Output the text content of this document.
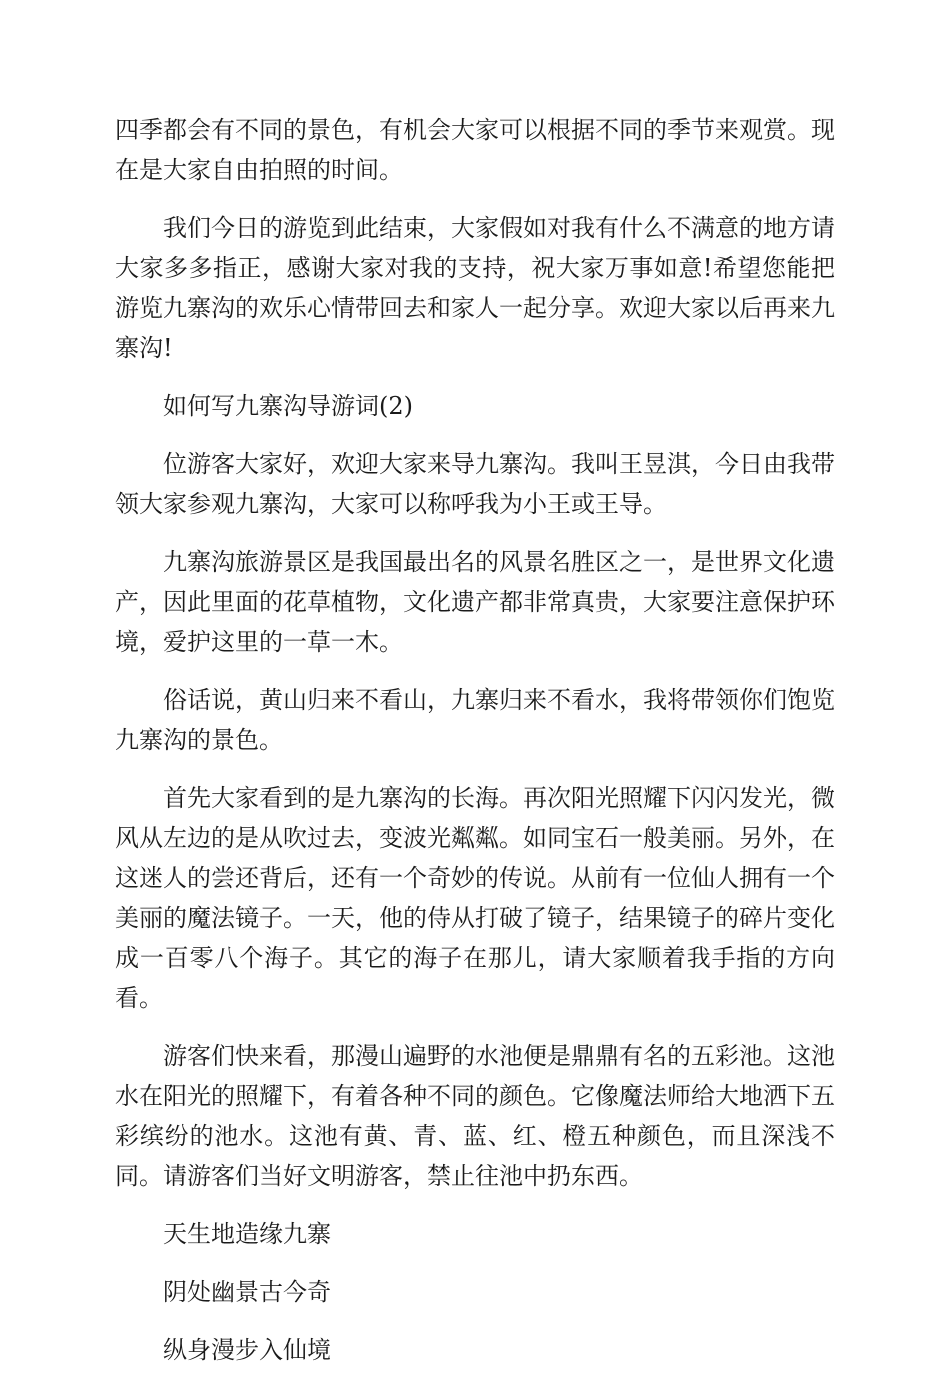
四季都会有不同的景色，有机会大家可以根据不同的季节来观赏。现在是大家自由拍照的时间。

我们今日的游览到此结束，大家假如对我有什么不满意的地方请大家多多指正，感谢大家对我的支持，祝大家万事如意!希望您能把游览九寨沟的欢乐心情带回去和家人一起分享。欢迎大家以后再来九寨沟!

如何写九寨沟导游词(2)

位游客大家好，欢迎大家来导九寨沟。我叫王昱淇，今日由我带领大家参观九寨沟，大家可以称呼我为小王或王导。

九寨沟旅游景区是我国最出名的风景名胜区之一，是世界文化遗产，因此里面的花草植物，文化遗产都非常真贵，大家要注意保护环境，爱护这里的一草一木。

俗话说，黄山归来不看山，九寨归来不看水，我将带领你们饱览九寨沟的景色。

首先大家看到的是九寨沟的长海。再次阳光照耀下闪闪发光，微风从左边的是从吹过去，变波光粼粼。如同宝石一般美丽。另外，在这迷人的尝还背后，还有一个奇妙的传说。从前有一位仙人拥有一个美丽的魔法镜子。一天，他的侍从打破了镜子，结果镜子的碎片变化成一百零八个海子。其它的海子在那儿，请大家顺着我手指的方向看。

游客们快来看，那漫山遍野的水池便是鼎鼎有名的五彩池。这池水在阳光的照耀下，有着各种不同的颜色。它像魔法师给大地洒下五彩缤纷的池水。这池有黄、青、蓝、红、橙五种颜色，而且深浅不同。请游客们当好文明游客，禁止往池中扔东西。

天生地造缘九寨

阴处幽景古今奇

纵身漫步入仙境
